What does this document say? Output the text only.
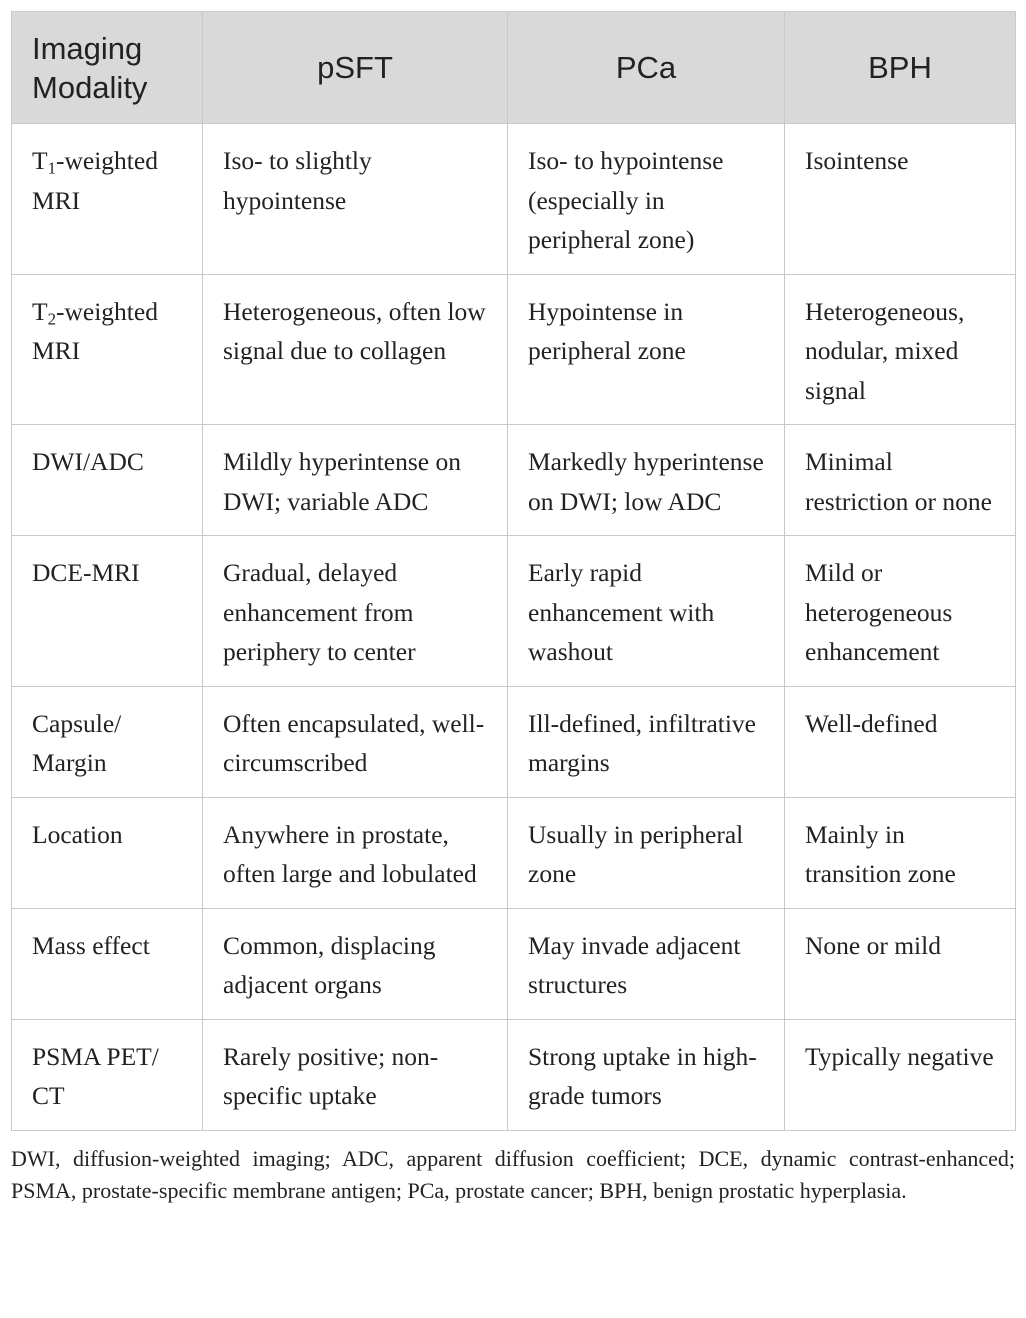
Imaging Modality	pSFT	PCa	BPH
$T_1$-weighted MRI	Iso- to slightly hypointense	Iso- to hypointense (especially in peripheral zone)	Isointense
$T_2$-weighted MRI	Heterogeneous, often low signal due to collagen	Hypointense in peripheral zone	Heterogeneous, nodular, mixed signal
DWI/ADC	Mildly hyperintense on DWI; variable ADC	Markedly hyperintense on DWI; low ADC	Minimal restriction or none
DCE-MRI	Gradual, delayed enhancement from periphery to center	Early rapid enhancement with washout	Mild or heterogeneous enhancement
Capsule/ Margin	Often encapsulated, well-circumscribed	Ill-defined, infiltrative margins	Well-defined
Location	Anywhere in prostate, often large and lobulated	Usually in peripheral zone	Mainly in transition zone
Mass effect	Common, displacing adjacent organs	May invade adjacent structures	None or mild
PSMA PET/ CT	Rarely positive; non-specific uptake	Strong uptake in high-grade tumors	Typically negative
DWI, diffusion-weighted imaging; ADC, apparent diffusion coefficient; DCE, dynamic contrast-enhanced; PSMA, prostate-specific membrane antigen; PCa, prostate cancer; BPH, benign prostatic hyperplasia.
